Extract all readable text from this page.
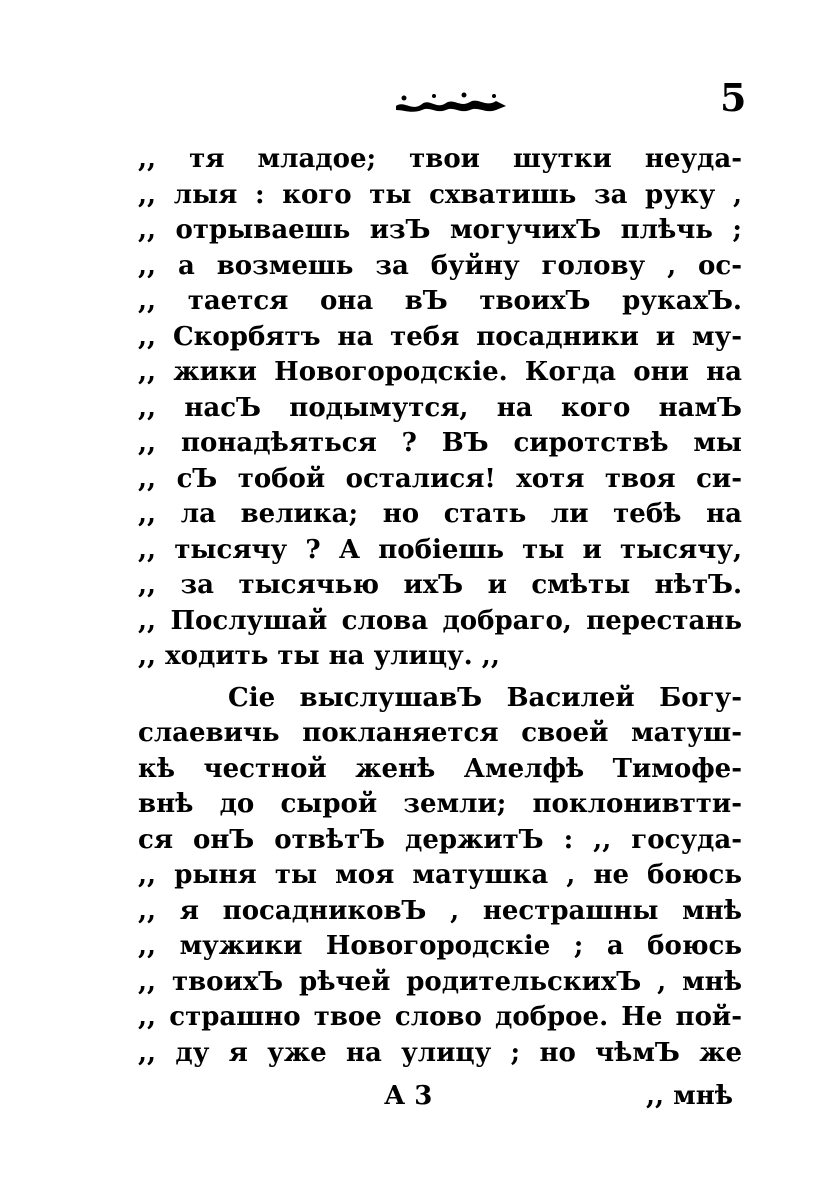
5
,, тя младое; твои шутки неуда-
,, лыя : кого ты схватишь за руку ,
,, отрываешь изЪ могучихЪ плѣчь ;
,, а возмешь за буйну голову , ос-
,, тается она вЪ твоихЪ рукахЪ.
,, Скорбятъ на тебя посадники и му-
,, жики Новогородскіе. Когда они на
,, насЪ подымутся, на кого намЪ
,, понадѣяться ? ВЪ сиротствѣ мы
,, сЪ тобой осталися! хотя твоя си-
,, ла велика; но стать ли тебѣ на
,, тысячу ? А побіешь ты и тысячу,
,, за тысячью ихЪ и смѣты нѣтЪ.
,, Послушай слова добраго, перестань
,, ходить ты на улицу. ,,
Сіе выслушавЪ Василей Богу-
слаевичь покланяется своей матуш-
кѣ честной женѣ Амелфѣ Тимофе-
внѣ до сырой земли; поклонивтти-
ся онЪ отвѣтЪ держитЪ : ,, госуда-
,, рыня ты моя матушка , не боюсь
,, я посадниковЪ , нестрашны мнѣ
,, мужики Новогородскіе ; а боюсь
,, твоихЪ рѣчей родительскихЪ , мнѣ
,, страшно твое слово доброе. Не пой-
,, ду я уже на улицу ; но чѣмЪ же
А 3	,, мнѣ
